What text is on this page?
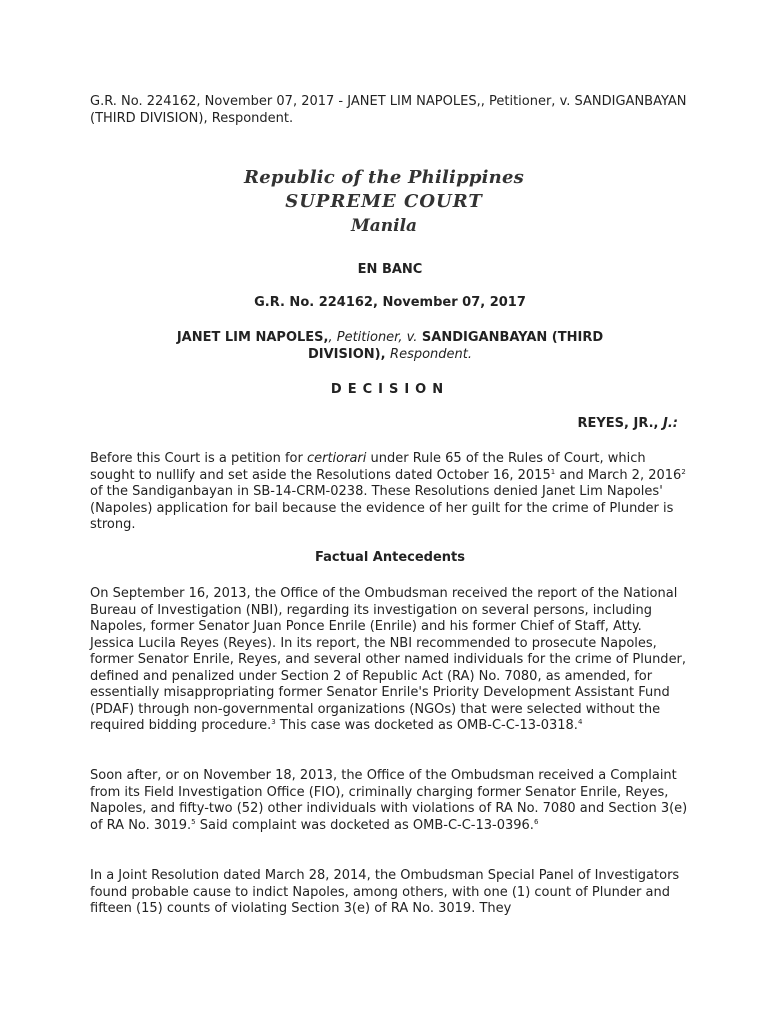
G.R. No. 224162, November 07, 2017 - JANET LIM NAPOLES,, Petitioner, v. SANDIGANBAYAN (THIRD DIVISION), Respondent.

Republic of the Philippines
SUPREME COURT
Manila

EN BANC

G.R. No. 224162, November 07, 2017

JANET LIM NAPOLES,, Petitioner, v. SANDIGANBAYAN (THIRD DIVISION), Respondent.

DECISION

REYES, JR., J.:

Before this Court is a petition for certiorari under Rule 65 of the Rules of Court, which sought to nullify and set aside the Resolutions dated October 16, 2015$^1$ and March 2, 2016$^2$ of the Sandiganbayan in SB-14-CRM-0238. These Resolutions denied Janet Lim Napoles' (Napoles) application for bail because the evidence of her guilt for the crime of Plunder is strong.

Factual Antecedents

On September 16, 2013, the Office of the Ombudsman received the report of the National Bureau of Investigation (NBI), regarding its investigation on several persons, including Napoles, former Senator Juan Ponce Enrile (Enrile) and his former Chief of Staff, Atty. Jessica Lucila Reyes (Reyes). In its report, the NBI recommended to prosecute Napoles, former Senator Enrile, Reyes, and several other named individuals for the crime of Plunder, defined and penalized under Section 2 of Republic Act (RA) No. 7080, as amended, for essentially misappropriating former Senator Enrile's Priority Development Assistant Fund (PDAF) through non-governmental organizations (NGOs) that were selected without the required bidding procedure.$^3$ This case was docketed as OMB-C-C-13-0318.$^4$

Soon after, or on November 18, 2013, the Office of the Ombudsman received a Complaint from its Field Investigation Office (FIO), criminally charging former Senator Enrile, Reyes, Napoles, and fifty-two (52) other individuals with violations of RA No. 7080 and Section 3(e) of RA No. 3019.$^5$ Said complaint was docketed as OMB-C-C-13-0396.$^6$

In a Joint Resolution dated March 28, 2014, the Ombudsman Special Panel of Investigators found probable cause to indict Napoles, among others, with one (1) count of Plunder and fifteen (15) counts of violating Section 3(e) of RA No. 3019. They
